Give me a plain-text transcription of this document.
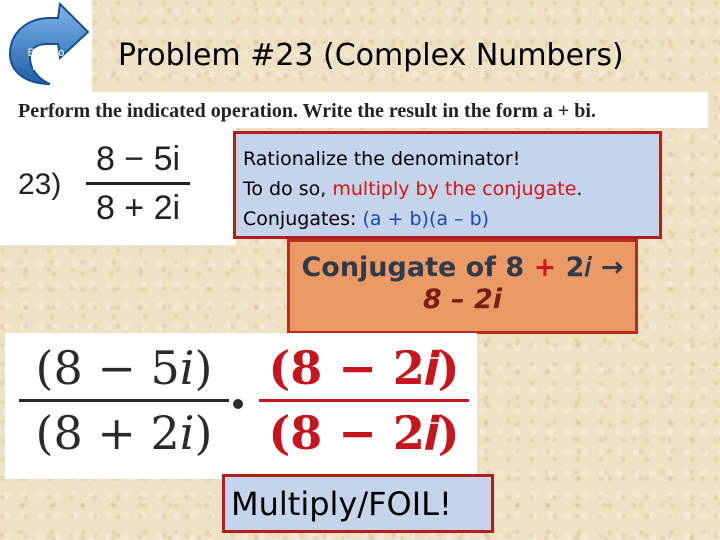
Back to
Menu	Problem #23 (Complex Numbers)
Perform the indicated operation. Write the result in the form a + bi.
23)
8 − 5i
8 + 2i
Rationalize the denominator!
To do so, multiply by the conjugate.
Conjugates: (a + b)(a – b)
Conjugate of 8 + 2𝑖 →
8 – 2i
(8 − 5𝑖)
(8 + 2𝑖)
(8 − 2𝒊)
(8 − 2𝒊)
Multiply/FOIL!
